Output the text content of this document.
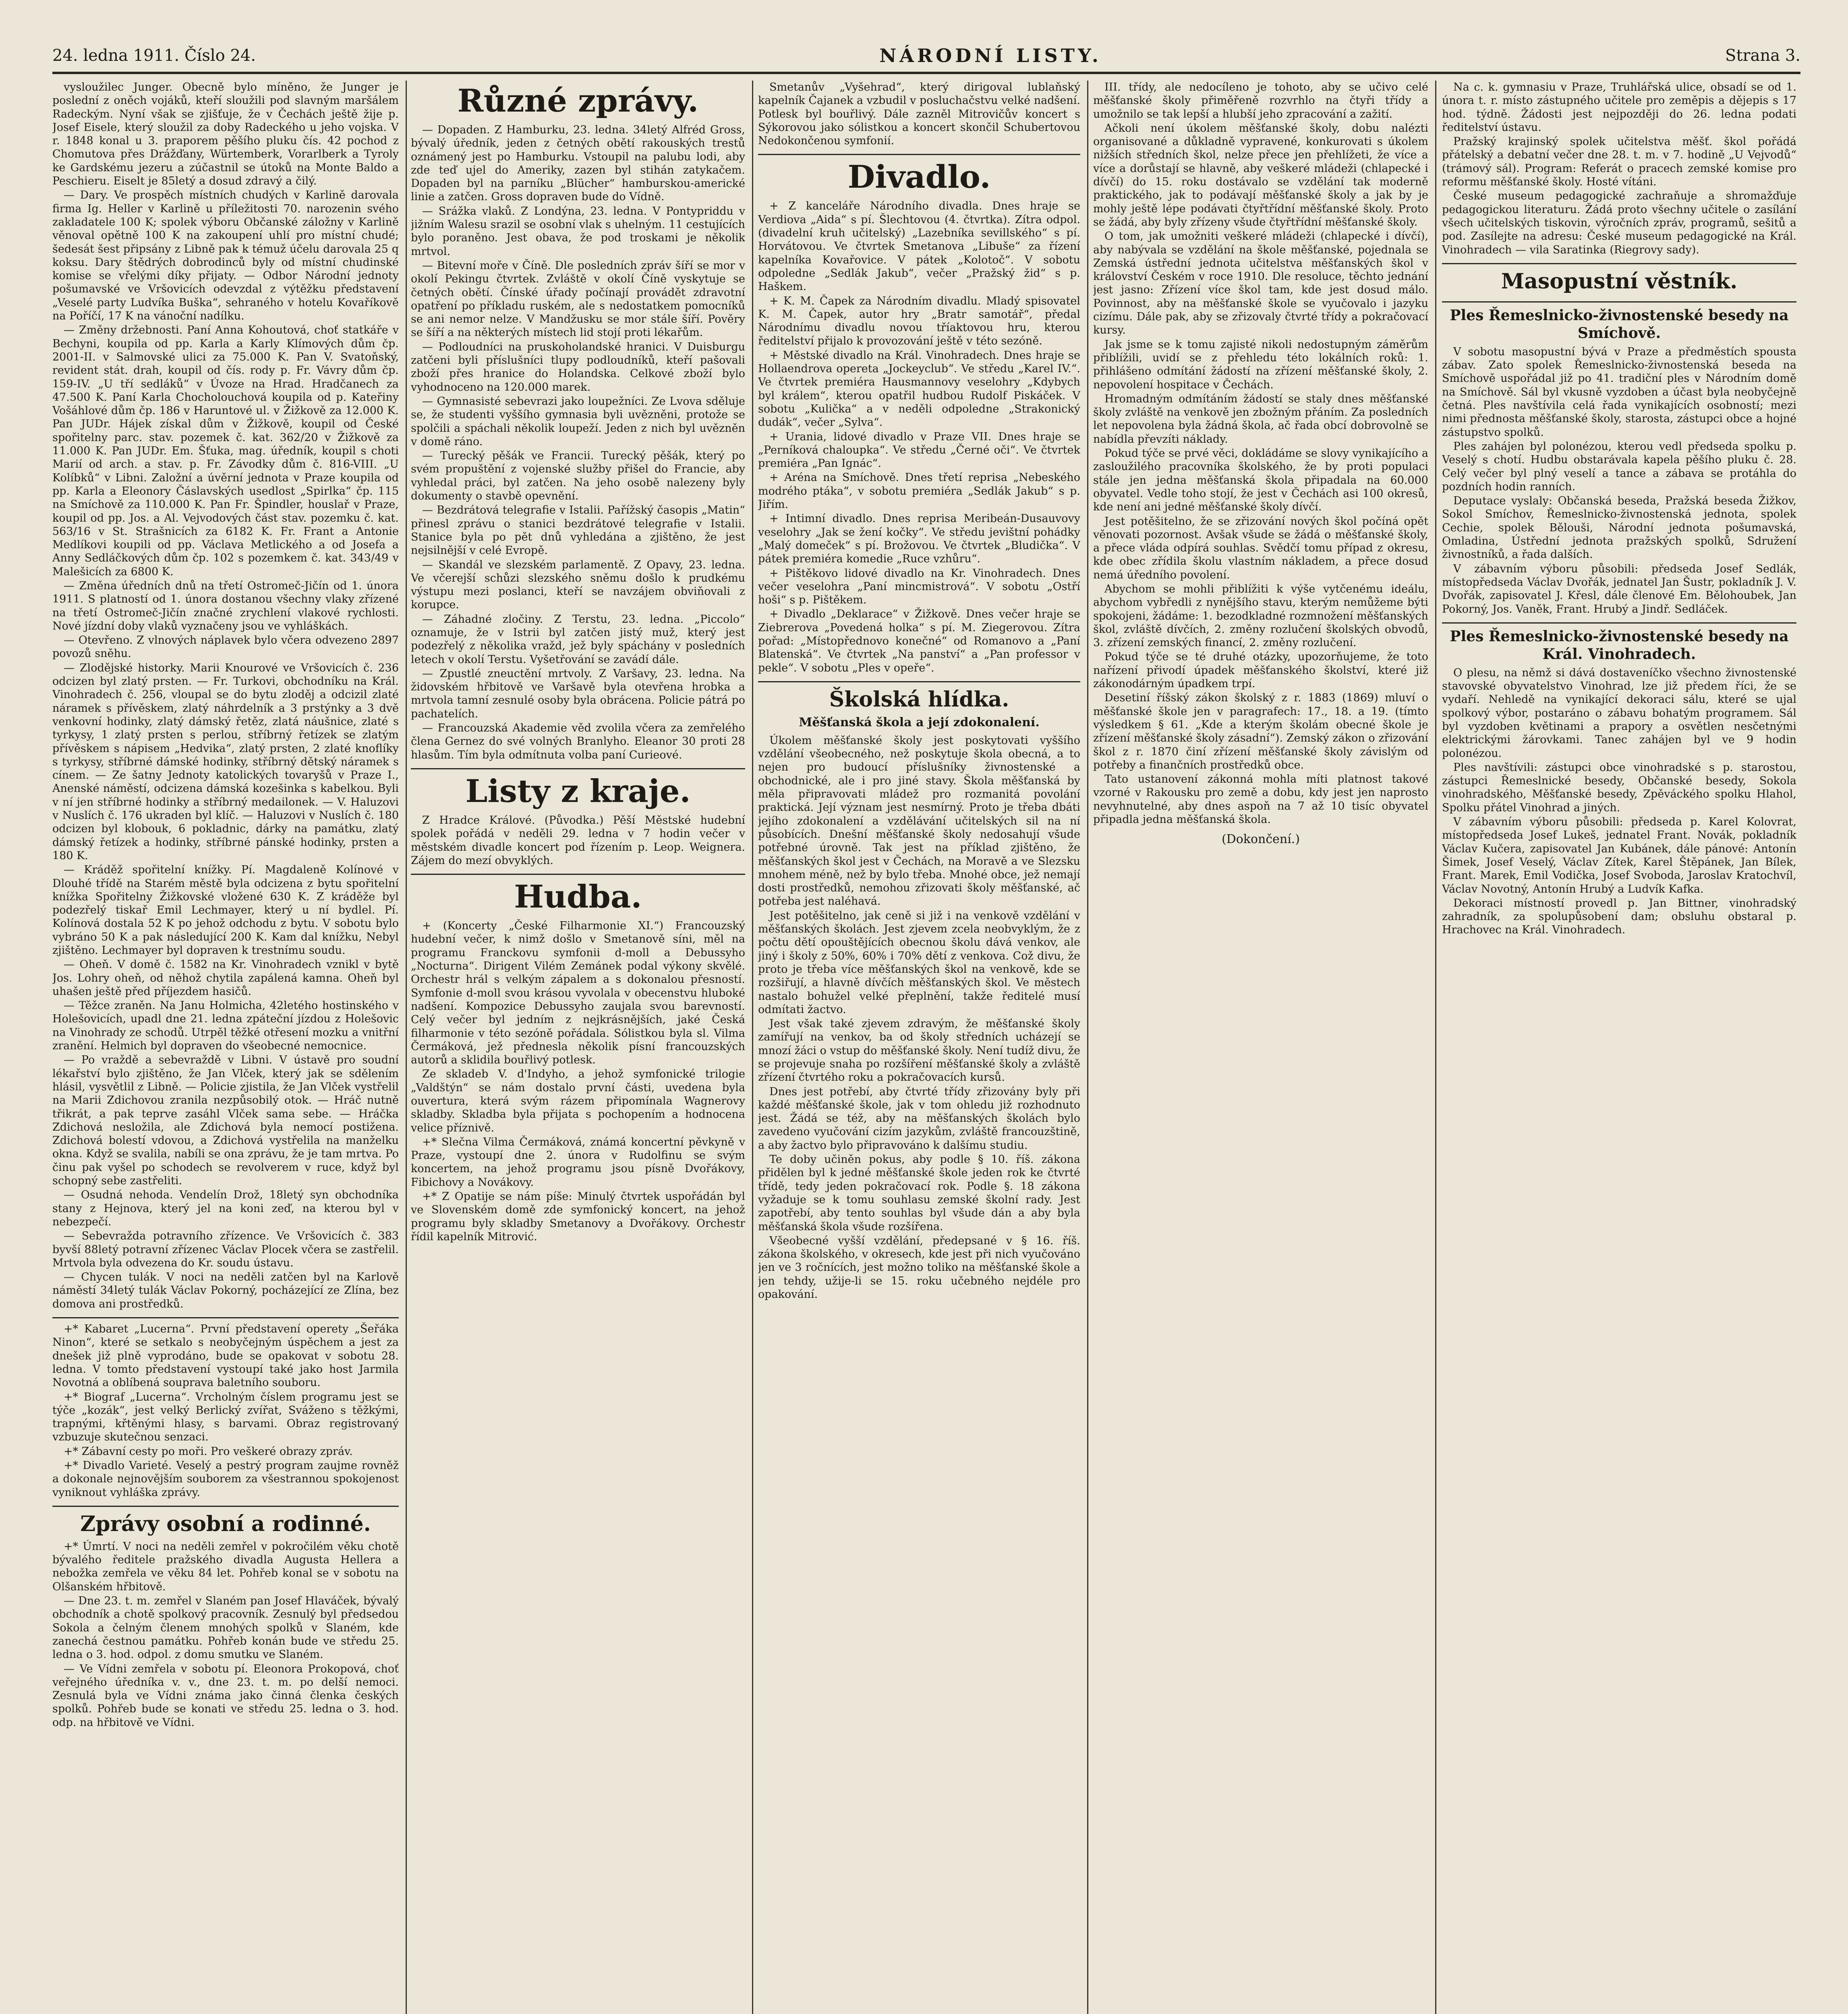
24. ledna 1911. Číslo 24.	NÁRODNÍ LISTY.	Strana 3.

vysloužilec Junger. Obecně bylo míněno, že Junger je poslední z oněch vojáků, kteří sloužili pod slavným maršálem Radeckým. Nyní však se zjišťuje, že v Čechách ještě žije p. Josef Eisele, který sloužil za doby Radeckého u jeho vojska. V r. 1848 konal u 3. praporem pěšího pluku čís. 42 pochod z Chomutova přes Drážďany, Würtemberk, Vorarlberk a Tyroly ke Gardskému jezeru a zúčastnil se útoků na Monte Baldo a Peschieru. Eiselt je 85letý a dosud zdravý a čilý.

— Dary. Ve prospěch místních chudých v Karlině darovala firma Ig. Heller v Karlině u příležitosti 70. narozenin svého zakladatele 100 K; spolek výboru Občanské záložny v Karlině věnoval opětně 100 K na zakoupení uhlí pro místní chudé; šedesát šest připsány z Libně pak k témuž účelu darovala 25 q koksu. Dary štědrých dobrodinců byly od místní chudinské komise se vřelými díky přijaty. — Odbor Národní jednoty pošumavské ve Vršovicích odevzdal z výtěžku představení „Veselé party Ludvíka Buška“, sehraného v hotelu Kovaříkově na Poříčí, 17 K na vánoční nadílku.

— Změny držebnosti. Paní Anna Kohoutová, choť statkáře v Bechyni, koupila od pp. Karla a Karly Klímových dům čp. 2001-II. v Salmovské ulici za 75.000 K. Pan V. Svatoňský, revident stát. drah, koupil od čís. rody p. Fr. Vávry dům čp. 159-IV. „U tří sedláků“ v Úvoze na Hrad. Hradčanech za 47.500 K. Paní Karla Chocholouchová koupila od p. Kateřiny Vošáhlové dům čp. 186 v Haruntové ul. v Žižkově za 12.000 K. Pan JUDr. Hájek získal dům v Žižkově, koupil od České spořitelny parc. stav. pozemek č. kat. 362/20 v Žižkově za 11.000 K. Pan JUDr. Em. Šťuka, mag. úředník, koupil s choti Marií od arch. a stav. p. Fr. Závodky dům č. 816-VIII. „U Kolíbků“ v Libni. Založní a úvěrní jednota v Praze koupila od pp. Karla a Eleonory Čáslavských usedlost „Spirlka“ čp. 115 na Smíchově za 110.000 K. Pan Fr. Špindler, houslař v Praze, koupil od pp. Jos. a Al. Vejvodových část stav. pozemku č. kat. 563/16 v St. Strašnicích za 6182 K. Fr. Frant a Antonie Medlíkovi koupili od pp. Václava Metlického a od Josefa a Anny Sedláčkových dům čp. 102 s pozemkem č. kat. 343/49 v Malešicích za 6800 K.

— Změna úředních dnů na třetí Ostromeč-Jičín od 1. února 1911. S platností od 1. února dostanou všechny vlaky zřízené na třetí Ostromeč-Jičín značné zrychlení vlakové rychlosti. Nové jízdní doby vlaků vyznačeny jsou ve vyhláškách.

— Otevřeno. Z vlnových náplavek bylo včera odvezeno 2897 povozů sněhu.

— Zlodějské historky. Marii Knourové ve Vršovicích č. 236 odcizen byl zlatý prsten. — Fr. Turkovi, obchodníku na Král. Vinohradech č. 256, vloupal se do bytu zloděj a odcizil zlaté náramek s přívěskem, zlatý náhrdelník a 3 prstýnky a 3 dvě venkovní hodinky, zlatý dámský řetěz, zlatá náušnice, zlaté s tyrkysy, 1 zlatý prsten s perlou, stříbrný řetízek se zlatým přívěskem s nápisem „Hedvika“, zlatý prsten, 2 zlaté knoflíky s tyrkysy, stříbrné dámské hodinky, stříbrný dětský náramek s cínem. — Ze šatny Jednoty katolických tovaryšů v Praze I., Anenské náměstí, odcizena dámská kozešinka s kabelkou. Byli v ní jen stříbrné hodinky a stříbrný medailonek. — V. Haluzovi v Nuslích č. 176 ukraden byl klíč. — Haluzovi v Nuslích č. 180 odcizen byl klobouk, 6 pokladnic, dárky na památku, zlatý dámský řetízek a hodinky, stříbrné pánské hodinky, prsten a 180 K.

— Kráděž spořitelní knížky. Pí. Magdaleně Kolínové v Dlouhé třídě na Starém městě byla odcizena z bytu spořitelní knížka Spořitelny Žižkovské vložené 630 K. Z kráděže byl podezřelý tiskař Emil Lechmayer, který u ní bydlel. Pí. Kolínová dostala 52 K po jehož odchodu z bytu. V sobotu bylo vybráno 50 K a pak následující 200 K. Kam dal knížku, Nebyl zjištěno. Lechmayer byl dopraven k trestnímu soudu.

— Oheň. V domě č. 1582 na Kr. Vinohradech vznikl v bytě Jos. Lohry oheň, od něhož chytila zapálená kamna. Oheň byl uhašen ještě před příjezdem hasičů.

— Těžce zraněn. Na Janu Holmicha, 42letého hostinského v Holešovicích, upadl dne 21. ledna zpáteční jízdou z Holešovic na Vinohrady ze schodů. Utrpěl těžké otřesení mozku a vnitřní zranění. Helmich byl dopraven do všeobecné nemocnice.

— Po vraždě a sebevraždě v Libni. V ústavě pro soudní lékařství bylo zjištěno, že Jan Vlček, který jak se sdělením hlásil, vysvětlil z Libně. — Policie zjistila, že Jan Vlček vystřelil na Marii Zdichovou zranila nezpůsobilý otok. — Hráč nutně třikrát, a pak teprve zasáhl Vlček sama sebe. — Hráčka Zdichová nesložila, ale Zdichová byla nemocí postižena. Zdichová bolestí vdovou, a Zdichová vystřelila na manželku okna. Když se svalila, nabíli se ona zprávu, že je tam mrtva. Po činu pak vyšel po schodech se revolverem v ruce, když byl schopný sebe zastřeliti.

— Osudná nehoda. Vendelín Drož, 18letý syn obchodníka stany z Hejnova, který jel na koni zeď, na kterou byl v nebezpečí.

— Sebevražda potravního zřízence. Ve Vršovicích č. 383 byvší 88letý potravní zřízenec Václav Plocek včera se zastřelil. Mrtvola byla odvezena do Kr. soudu ústavu.

— Chycen tulák. V noci na neděli zatčen byl na Karlově náměstí 34letý tulák Václav Pokorný, pocházející ze Zlína, bez domova ani prostředků.

+* Kabaret „Lucerna“. První představení operety „Šeřáka Ninon“, které se setkalo s neobyčejným úspěchem a jest za dnešek již plně vyprodáno, bude se opakovat v sobotu 28. ledna. V tomto představení vystoupí také jako host Jarmila Novotná a oblíbená souprava baletního souboru.

+* Biograf „Lucerna“. Vrcholným číslem programu jest se týče „kozák“, jest velký Berlický zvířat, Sváženo s těžkými, trapnými, křtěnými hlasy, s barvami. Obraz registrovaný vzbuzuje skutečnou senzaci.

+* Zábavní cesty po moři. Pro veškeré obrazy zpráv.

+* Divadlo Varieté. Veselý a pestrý program zaujme rovněž a dokonale nejnovějším souborem za všestrannou spokojenost vyniknout vyhláška zprávy.

Zprávy osobní a rodinné.

+* Úmrtí. V noci na neděli zemřel v pokročilém věku chotě bývalého ředitele pražského divadla Augusta Hellera a nebožka zemřela ve věku 84 let. Pohřeb konal se v sobotu na Olšanském hřbitově.

— Dne 23. t. m. zemřel v Slaném pan Josef Hlaváček, bývalý obchodník a chotě spolkový pracovník. Zesnulý byl předsedou Sokola a čelným členem mnohých spolků v Slaném, kde zanechá čestnou památku. Pohřeb konán bude ve středu 25. ledna o 3. hod. odpol. z domu smutku ve Slaném.

— Ve Vídni zemřela v sobotu pí. Eleonora Prokopová, choť veřejného úředníka v. v., dne 23. t. m. po delší nemoci. Zesnulá byla ve Vídni známa jako činná členka českých spolků. Pohřeb bude se konati ve středu 25. ledna o 3. hod. odp. na hřbitově ve Vídni.

Různé zprávy.

— Dopaden. Z Hamburku, 23. ledna. 34letý Alfréd Gross, bývalý úředník, jeden z četných obětí rakouských trestů oznámený jest po Hamburku. Vstoupil na palubu lodi, aby zde teď ujel do Ameriky, zazen byl stihán zatykačem. Dopaden byl na parníku „Blücher“ hamburskou-americké linie a zatčen. Gross dopraven bude do Vídně.

— Srážka vlaků. Z Londýna, 23. ledna. V Pontypriddu v jižním Walesu srazil se osobní vlak s uhelným. 11 cestujících bylo poraněno. Jest obava, že pod troskami je několik mrtvol.

— Bitevní moře v Číně. Dle posledních zpráv šíří se mor v okolí Pekingu čtvrtek. Zvláště v okolí Číně vyskytuje se četných obětí. Čínské úřady počínají provádět zdravotní opatření po příkladu ruském, ale s nedostatkem pomocníků se ani nemor nelze. V Mandžusku se mor stále šíří. Pověry se šíří a na některých místech lid stojí proti lékařům.

— Podloudníci na pruskoholandské hranici. V Duisburgu zatčeni byli příslušníci tlupy podloudníků, kteří pašovali zboží přes hranice do Holandska. Celkové zboží bylo vyhodnoceno na 120.000 marek.

— Gymnasisté sebevrazi jako loupežníci. Ze Lvova sděluje se, že studenti vyššího gymnasia byli uvězněni, protože se spolčili a spáchali několik loupeží. Jeden z nich byl uvězněn v domě ráno.

— Turecký pěšák ve Francii. Turecký pěšák, který po svém propuštění z vojenské služby přišel do Francie, aby vyhledal práci, byl zatčen. Na jeho osobě nalezeny byly dokumenty o stavbě opevnění.

— Bezdrátová telegrafie v Istalii. Pařížský časopis „Matin“ přinesl zprávu o stanici bezdrátové telegrafie v Istalii. Stanice byla po pět dnů vyhledána a zjištěno, že jest nejsilnější v celé Evropě.

— Skandál ve slezském parlamentě. Z Opavy, 23. ledna. Ve včerejší schůzi slezského sněmu došlo k prudkému výstupu mezi poslanci, kteří se navzájem obviňovali z korupce.

— Záhadné zločiny. Z Terstu, 23. ledna. „Piccolo“ oznamuje, že v Istrii byl zatčen jistý muž, který jest podezřelý z několika vražd, jež byly spáchány v posledních letech v okolí Terstu. Vyšetřování se zavádí dále.

— Zpustlé zneuctění mrtvoly. Z Varšavy, 23. ledna. Na židovském hřbitově ve Varšavě byla otevřena hrobka a mrtvola tamní zesnulé osoby byla obrácena. Policie pátrá po pachatelích.

— Francouzská Akademie věd zvolila včera za zemřelého člena Gernez do své volných Branlyho. Eleanor 30 proti 28 hlasům. Tím byla odmítnuta volba paní Curieové.

Listy z kraje.

Z Hradce Králové. (Původka.) Pěší Městské hudební spolek pořádá v neděli 29. ledna v 7 hodin večer v městském divadle koncert pod řízením p. Leop. Weignera. Zájem do mezí obvyklých.

Hudba.

+ (Koncerty „České Filharmonie XI.“) Francouzský hudební večer, k nimž došlo v Smetanově síni, měl na programu Franckovu symfonii d-moll a Debussyho „Nocturna“. Dirigent Vilém Zemánek podal výkony skvělé. Orchestr hrál s velkým zápalem a s dokonalou přesností. Symfonie d-moll svou krásou vyvolala v obecenstvu hluboké nadšení. Kompozice Debussyho zaujala svou barevností. Celý večer byl jedním z nejkrásnějších, jaké Česká filharmonie v této sezóně pořádala. Sólistkou byla sl. Vilma Čermáková, jež přednesla několik písní francouzských autorů a sklidila bouřlivý potlesk.

Ze skladeb V. d'Indyho, a jehož symfonické trilogie „Valdštýn“ se nám dostalo první části, uvedena byla ouvertura, která svým rázem připomínala Wagnerovy skladby. Skladba byla přijata s pochopením a hodnocena velice příznivě.

+* Slečna Vilma Čermáková, známá koncertní pěvkyně v Praze, vystoupí dne 2. února v Rudolfinu se svým koncertem, na jehož programu jsou písně Dvořákovy, Fibichovy a Novákovy.

+* Z Opatije se nám píše: Minulý čtvrtek uspořádán byl ve Slovenském domě zde symfonický koncert, na jehož programu byly skladby Smetanovy a Dvořákovy. Orchestr řídil kapelník Mitrović.

Smetanův „Vyšehrad“, který dirigoval lublaňský kapelník Čajanek a vzbudil v posluchačstvu velké nadšení. Potlesk byl bouřlivý. Dále zazněl Mitrovičův koncert s Sýkorovou jako sólistkou a koncert skončil Schubertovou Nedokončenou symfonií.

Divadlo.

+ Z kanceláře Národního divadla. Dnes hraje se Verdiova „Aida“ s pí. Šlechtovou (4. čtvrtka). Zítra odpol. (divadelní kruh učitelský) „Lazebníka sevillského“ s pí. Horvátovou. Ve čtvrtek Smetanova „Libuše“ za řízení kapelníka Kovařovice. V pátek „Kolotoč“. V sobotu odpoledne „Sedlák Jakub“, večer „Pražský žid“ s p. Haškem.

+ K. M. Čapek za Národním divadlu. Mladý spisovatel K. M. Čapek, autor hry „Bratr samotář“, předal Národnímu divadlu novou tříaktovou hru, kterou ředitelství přijalo k provozování ještě v této sezóně.

+ Městské divadlo na Král. Vinohradech. Dnes hraje se Hollaendrova opereta „Jockeyclub“. Ve středu „Karel IV.“. Ve čtvrtek premiéra Hausmannovy veselohry „Kdybych byl králem“, kterou opatřil hudbou Rudolf Piskáček. V sobotu „Kulička“ a v neděli odpoledne „Strakonický dudák“, večer „Sylva“.

+ Urania, lidové divadlo v Praze VII. Dnes hraje se „Perníková chaloupka“. Ve středu „Černé oči“. Ve čtvrtek premiéra „Pan Ignác“.

+ Aréna na Smíchově. Dnes třetí reprisa „Nebeského modrého ptáka“, v sobotu premiéra „Sedlák Jakub“ s p. Jiřím.

+ Intimní divadlo. Dnes reprisa Meribeán-Dusauvovy veselohry „Jak se žení kočky“. Ve středu jevištní pohádky „Malý domeček“ s pí. Brožovou. Ve čtvrtek „Bludička“. V pátek premiéra komedie „Ruce vzhůru“.

+ Pištěkovo lidové divadlo na Kr. Vinohradech. Dnes večer veselohra „Paní mincmistrová“. V sobotu „Ostří hoši“ s p. Pištěkem.

+ Divadlo „Deklarace“ v Žižkově. Dnes večer hraje se Ziebrerova „Povedená holka“ s pí. M. Ziegerovou. Zítra pořad: „Místopřednovo konečné“ od Romanovo a „Paní Blatenská“. Ve čtvrtek „Na panství“ a „Pan professor v pekle“. V sobotu „Ples v opeře“.

Školská hlídka.
Měšťanská škola a její zdokonalení.

Úkolem měšťanské školy jest poskytovati vyššího vzdělání všeobecného, než poskytuje škola obecná, a to nejen pro budoucí příslušníky živnostenské a obchodnické, ale i pro jiné stavy. Škola měšťanská by měla připravovati mládež pro rozmanitá povolání praktická. Její význam jest nesmírný. Proto je třeba dbáti jejího zdokonalení a vzdělávání učitelských sil na ní působících. Dnešní měšťanské školy nedosahují všude potřebné úrovně. Tak jest na příklad zjištěno, že měšťanských škol jest v Čechách, na Moravě a ve Slezsku mnohem méně, než by bylo třeba. Mnohé obce, jež nemají dosti prostředků, nemohou zřizovati školy měšťanské, ač potřeba jest naléhavá.

Jest potěšitelno, jak ceně si již i na venkově vzdělání v měšťanských školách. Jest zjevem zcela neobvyklým, že z počtu dětí opouštějících obecnou školu dává venkov, ale jiný i školy z 50%, 60% i 70% dětí z venkova. Což divu, že proto je třeba více měšťanských škol na venkově, kde se rozšiřují, a hlavně dívčích měšťanských škol. Ve městech nastalo bohužel velké přeplnění, takže ředitelé musí odmítati žactvo.

Jest však také zjevem zdravým, že měšťanské školy zamířují na venkov, ba od školy středních ucházejí se mnozí žáci o vstup do měšťanské školy. Není tudíž divu, že se projevuje snaha po rozšíření měšťanské školy a zvláště zřízení čtvrtého roku a pokračovacích kursů.

Dnes jest potřebí, aby čtvrté třídy zřizovány byly při každé měšťanské škole, jak v tom ohledu již rozhodnuto jest. Žádá se též, aby na měšťanských školách bylo zavedeno vyučování cizím jazykům, zvláště francouzštině, a aby žactvo bylo připravováno k dalšímu studiu.

Te doby učiněn pokus, aby podle § 10. říš. zákona přidělen byl k jedné měšťanské škole jeden rok ke čtvrté třídě, tedy jeden pokračovací rok. Podle §. 18 zákona vyžaduje se k tomu souhlasu zemské školní rady. Jest zapotřebí, aby tento souhlas byl všude dán a aby byla měšťanská škola všude rozšířena.

Všeobecné vyšší vzdělání, předepsané v § 16. říš. zákona školského, v okresech, kde jest při nich vyučováno jen ve 3 ročnících, jest možno toliko na měšťanské škole a jen tehdy, užije-li se 15. roku učebného nejdéle pro opakování.

III. třídy, ale nedocíleno je tohoto, aby se učivo celé měšťanské školy přiměřeně rozvrhlo na čtyři třídy a umožnilo se tak lepší a hlubší jeho zpracování a zažití.

Ačkoli není úkolem měšťanské školy, dobu nalézti organisované a důkladně vypravené, konkurovati s úkolem nižších středních škol, nelze přece jen přehlížeti, že více a více a dorůstají se hlavně, aby veškeré mládeži (chlapecké i dívčí) do 15. roku dostávalo se vzdělání tak moderně praktického, jak to podávají měšťanské školy a jak by je mohly ještě lépe podávati čtyřtřídní měšťanské školy. Proto se žádá, aby byly zřízeny všude čtyřtřídní měšťanské školy.

O tom, jak umožniti veškeré mládeži (chlapecké i dívčí), aby nabývala se vzdělání na škole měšťanské, pojednala se Zemská ústřední jednota učitelstva měšťanských škol v království Českém v roce 1910. Dle resoluce, těchto jednání jest jasno: Zřízení více škol tam, kde jest dosud málo. Povinnost, aby na měšťanské škole se vyučovalo i jazyku cizímu. Dále pak, aby se zřizovaly čtvrté třídy a pokračovací kursy.

Jak jsme se k tomu zajisté nikoli nedostupným záměrům přiblížili, uvidí se z přehledu této lokálních roků: 1. přihlášeno odmítání žádostí na zřízení měšťanské školy, 2. nepovolení hospitace v Čechách.

Hromadným odmítáním žádostí se staly dnes měšťanské školy zvláště na venkově jen zbožným přáním. Za posledních let nepovolena byla žádná škola, ač řada obcí dobrovolně se nabídla převzíti náklady.

Pokud týče se prvé věci, dokládáme se slovy vynikajícího a zasloužilého pracovníka školského, že by proti populaci stále jen jedna měšťanská škola připadala na 60.000 obyvatel. Vedle toho stojí, že jest v Čechách asi 100 okresů, kde není ani jedné měšťanské školy dívčí.

Jest potěšitelno, že se zřizování nových škol počíná opět věnovati pozornost. Avšak všude se žádá o měšťanské školy, a přece vláda odpírá souhlas. Svědčí tomu případ z okresu, kde obec zřídila školu vlastním nákladem, a přece dosud nemá úředního povolení.

Abychom se mohli přiblížiti k výše vytčenému ideálu, abychom vybředli z nynějšího stavu, kterým nemůžeme býti spokojeni, žádáme: 1. bezodkladné rozmnožení měšťanských škol, zvláště dívčích, 2. změny rozlučení školských obvodů, 3. zřízení zemských financí, 2. změny rozlučení.

Pokud týče se té druhé otázky, upozorňujeme, že toto nařízení přivodí úpadek měšťanského školství, které již zákonodárným úpadkem trpí.

Desetiní říšský zákon školský z r. 1883 (1869) mluví o měšťanské škole jen v paragrafech: 17., 18. a 19. (tímto výsledkem § 61. „Kde a kterým školám obecné škole je zřízení měšťanské školy zásadní“). Zemský zákon o zřizování škol z r. 1870 činí zřízení měšťanské školy závislým od potřeby a finančních prostředků obce.

Tato ustanovení zákonná mohla míti platnost takové vzorné v Rakousku pro země a dobu, kdy jest jen naprosto nevyhnutelné, aby dnes aspoň na 7 až 10 tisíc obyvatel připadla jedna měšťanská škola.

(Dokončení.)

Na c. k. gymnasiu v Praze, Truhlářská ulice, obsadí se od 1. února t. r. místo zástupného učitele pro zeměpis a dějepis s 17 hod. týdně. Žádosti jest nejpozději do 26. ledna podati ředitelství ústavu.

Pražský krajinský spolek učitelstva měšť. škol pořádá přátelský a debatní večer dne 28. t. m. v 7. hodině „U Vejvodů“ (trámový sál). Program: Referát o pracech zemské komise pro reformu měšťanské školy. Hosté vítáni.

České museum pedagogické zachraňuje a shromažďuje pedagogickou literaturu. Žádá proto všechny učitele o zasílání všech učitelských tiskovin, výročních zpráv, programů, sešitů a pod. Zasílejte na adresu: České museum pedagogické na Král. Vinohradech — vila Saratinka (Riegrovy sady).

Masopustní věstník.
Ples Řemeslnicko-živnostenské besedy na Smíchově.

V sobotu masopustní bývá v Praze a předměstích spousta zábav. Zato spolek Řemeslnicko-živnostenská beseda na Smíchově uspořádal již po 41. tradiční ples v Národním domě na Smíchově. Sál byl vkusně vyzdoben a účast byla neobyčejně četná. Ples navštívila celá řada vynikajících osobností; mezi nimi přednosta měšťanské školy, starosta, zástupci obce a hojné zástupstvo spolků.

Ples zahájen byl polonézou, kterou vedl předseda spolku p. Veselý s chotí. Hudbu obstarávala kapela pěšího pluku č. 28. Celý večer byl plný veselí a tance a zábava se protáhla do pozdních hodin ranních.

Deputace vyslaly: Občanská beseda, Pražská beseda Žižkov, Sokol Smíchov, Řemeslnicko-živnostenská jednota, spolek Cechie, spolek Bělouši, Národní jednota pošumavská, Omladina, Ústřední jednota pražských spolků, Sdružení živnostníků, a řada dalších.

V zábavním výboru působili: předseda Josef Sedlák, místopředseda Václav Dvořák, jednatel Jan Šustr, pokladník J. V. Dvořák, zapisovatel J. Křesl, dále členové Em. Bělohoubek, Jan Pokorný, Jos. Vaněk, Frant. Hrubý a Jindř. Sedláček.

Ples Řemeslnicko-živnostenské besedy na Král. Vinohradech.

O plesu, na němž si dává dostaveníčko všechno živnostenské stavovské obyvatelstvo Vinohrad, lze již předem říci, že se vydaří. Nehledě na vynikající dekoraci sálu, které se ujal spolkový výbor, postaráno o zábavu bohatým programem. Sál byl vyzdoben květinami a prapory a osvětlen nesčetnými elektrickými žárovkami. Tanec zahájen byl ve 9 hodin polonézou.

Ples navštívili: zástupci obce vinohradské s p. starostou, zástupci Řemeslnické besedy, Občanské besedy, Sokola vinohradského, Měšťanské besedy, Zpěváckého spolku Hlahol, Spolku přátel Vinohrad a jiných.

V zábavním výboru působili: předseda p. Karel Kolovrat, místopředseda Josef Lukeš, jednatel Frant. Novák, pokladník Václav Kučera, zapisovatel Jan Kubánek, dále pánové: Antonín Šimek, Josef Veselý, Václav Zítek, Karel Štěpánek, Jan Bílek, Frant. Marek, Emil Vodička, Josef Svoboda, Jaroslav Kratochvíl, Václav Novotný, Antonín Hrubý a Ludvík Kafka.

Dekoraci místností provedl p. Jan Bittner, vinohradský zahradník, za spolupůsobení dam; obsluhu obstaral p. Hrachovec na Král. Vinohradech.
